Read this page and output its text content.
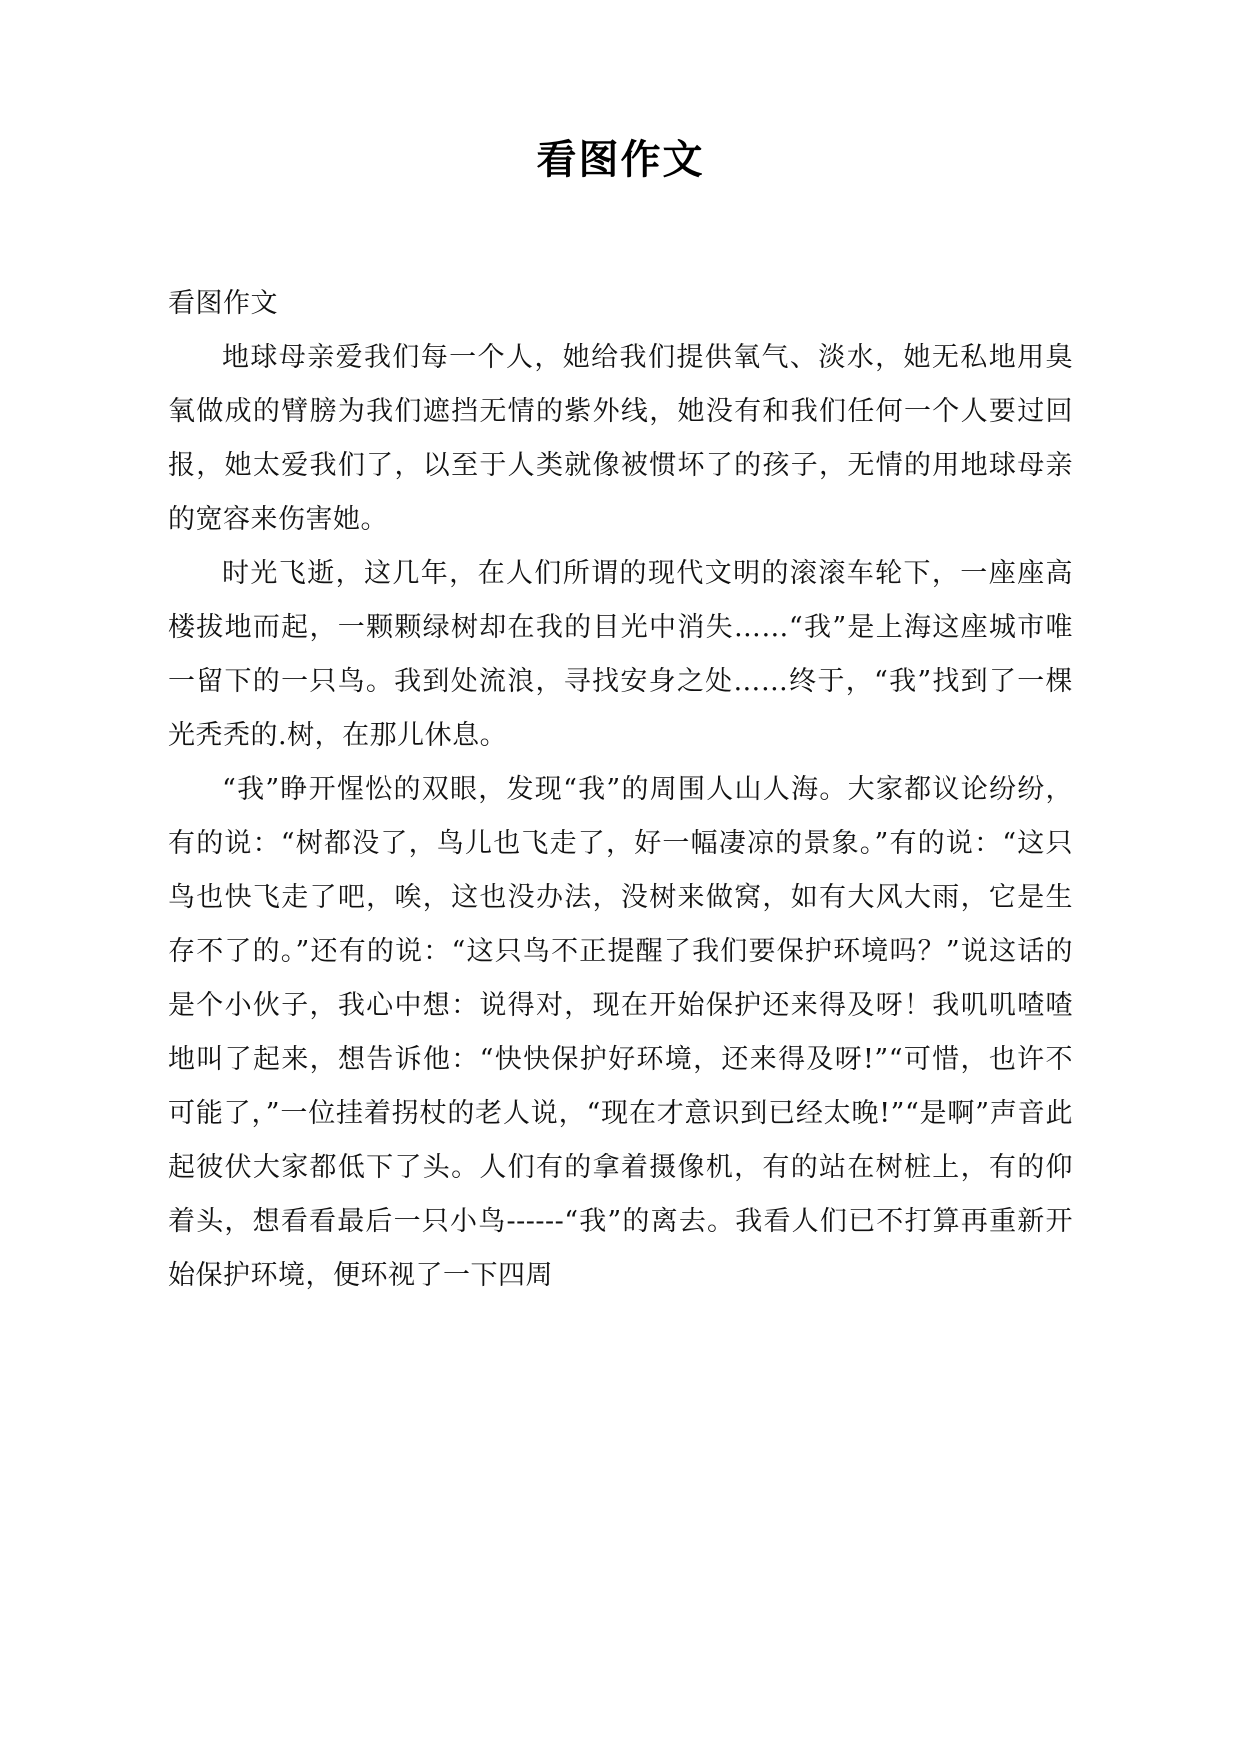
看图作文

看图作文

地球母亲爱我们每一个人，她给我们提供氧气、淡水，她无私地用臭氧做成的臂膀为我们遮挡无情的紫外线，她没有和我们任何一个人要过回报，她太爱我们了，以至于人类就像被惯坏了的孩子，无情的用地球母亲的宽容来伤害她。

时光飞逝，这几年，在人们所谓的现代文明的滚滚车轮下，一座座高楼拔地而起，一颗颗绿树却在我的目光中消失……“我”是上海这座城市唯一留下的一只鸟。我到处流浪，寻找安身之处……终于，“我”找到了一棵光秃秃的.树，在那儿休息。

“我”睁开惺忪的双眼，发现“我”的周围人山人海。大家都议论纷纷，有的说：“树都没了，鸟儿也飞走了，好一幅凄凉的景象。”有的说：“这只鸟也快飞走了吧，唉，这也没办法，没树来做窝，如有大风大雨，它是生存不了的。”还有的说：“这只鸟不正提醒了我们要保护环境吗？”说这话的是个小伙子，我心中想：说得对，现在开始保护还来得及呀！我叽叽喳喳地叫了起来，想告诉他：“快快保护好环境，还来得及呀!”“可惜，也许不可能了，”一位挂着拐杖的老人说，“现在才意识到已经太晚!”“是啊”声音此起彼伏大家都低下了头。人们有的拿着摄像机，有的站在树桩上，有的仰着头，想看看最后一只小鸟------“我”的离去。我看人们已不打算再重新开始保护环境，便环视了一下四周
